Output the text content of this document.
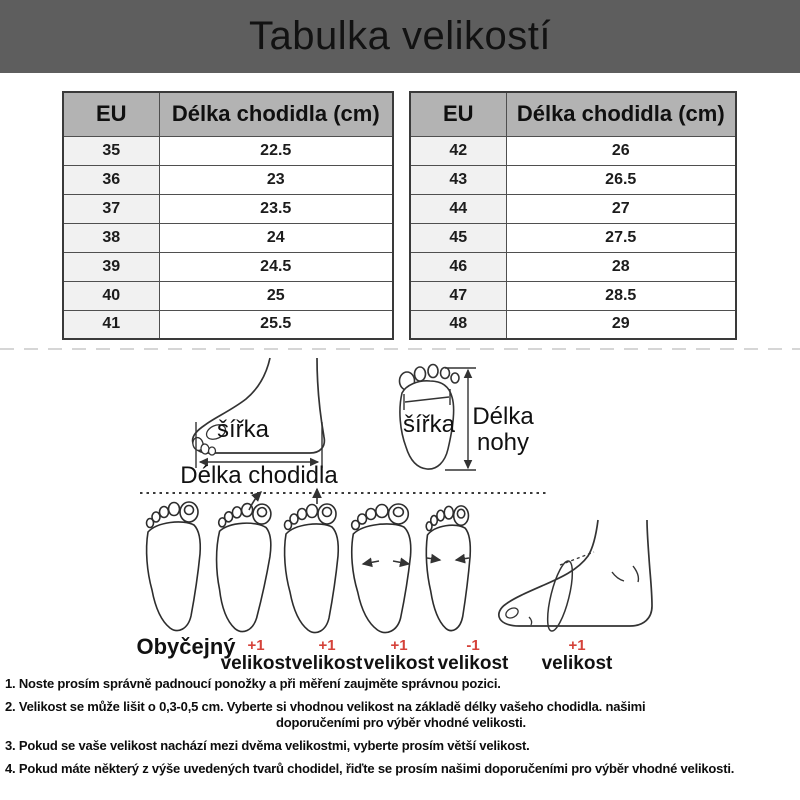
Tabulka velikostí
EU	Délka chodidla (cm)
35	22.5
36	23
37	23.5
38	24
39	24.5
40	25
41	25.5
EU	Délka chodidla (cm)
42	26
43	26.5
44	27
45	27.5
46	28
47	28.5
48	29
šířka
Délka chodidla
šířka Délka
nohy
Obyčejný +1
velikost
+1
velikost
+1
velikost
-1
velikost
+1
velikost

1. Noste prosím správně padnoucí ponožky a při měření zaujměte správnou pozici.

2. Velikost se může lišit o 0,3-0,5 cm. Vyberte si vhodnou velikost na základě délky vašeho chodidla. našimi
doporučeními pro výběr vhodné velikosti.

3. Pokud se vaše velikost nachází mezi dvěma velikostmi, vyberte prosím větší velikost.

4. Pokud máte některý z výše uvedených tvarů chodidel, řiďte se prosím našimi doporučeními pro výběr vhodné velikosti.
